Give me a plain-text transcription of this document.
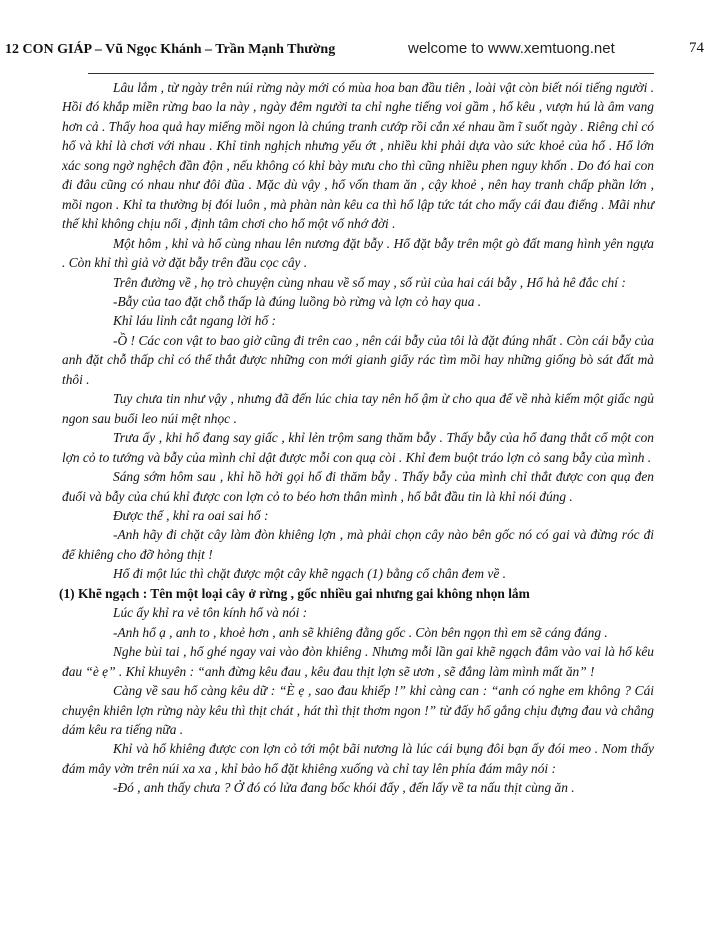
12 CON GIÁP – Vũ Ngọc Khánh – Trần Mạnh Thường	welcome to www.xemtuong.net	74

Lâu lắm , từ ngày trên núi rừng này mới có mùa hoa ban đầu tiên , loài vật còn biết nói tiếng người . Hồi đó khắp miền rừng bao la này , ngày đêm người ta chỉ nghe tiếng voi gầm , hổ kêu , vượn hú là âm vang hơn cả . Thấy hoa quả hay miếng mồi ngon là chúng tranh cướp rồi cắn xé nhau ầm ĩ suốt ngày . Riêng chỉ có hổ và khỉ là chơi với nhau . Khỉ tinh nghịch nhưng yếu ớt , nhiều khi phải dựa vào sức khoẻ của hổ . Hổ lớn xác song ngờ nghệch đần độn , nếu không có khỉ bày mưu cho thì cũng nhiều phen nguy khốn . Do đó hai con đi đâu cũng có nhau như đôi đũa . Mặc dù vậy , hổ vốn tham ăn , cậy khoẻ , nên hay tranh chấp phần lớn , mồi ngon . Khỉ ta thường bị đói luôn , mà phàn nàn kêu ca thì hổ lập tức tát cho mấy cái đau điếng . Mãi như thế khỉ không chịu nổi , định tâm chơi cho hổ một vố nhớ đời .

Một hôm , khỉ và hổ cùng nhau lên nương đặt bẫy . Hổ đặt bẫy trên một gò đất mang hình yên ngựa . Còn khỉ thì giả vờ đặt bẫy trên đầu cọc cây .

Trên đường về , họ trò chuyện cùng nhau về số may , số rủi của hai cái bẫy , Hổ hả hê đắc chí :

-Bẫy của tao đặt chỗ thấp là đúng luồng bò rừng và lợn cỏ hay qua .

Khỉ láu lỉnh cắt ngang lời hổ :

-Ồ ! Các con vật to bao giờ cũng đi trên cao , nên cái bẫy của tôi là đặt đúng nhất . Còn cái bẫy của anh đặt chỗ thấp chỉ có thể thắt được những con mới gianh giẩy rác tìm mồi hay những giống bò sát đất mà thôi .

Tuy chưa tin như vậy , nhưng đã đến lúc chia tay nên hổ ậm ừ cho qua để về nhà kiếm một giấc ngủ ngon sau buổi leo núi mệt nhọc .

Trưa ấy , khi hổ đang say giấc , khỉ lẻn trộm sang thăm bẫy . Thấy bẫy của hổ đang thắt cổ một con lợn cỏ to tướng và bẫy của mình chỉ dật được mỗi con quạ còi . Khỉ đem buột tráo lợn cỏ sang bẫy của mình .

Sáng sớm hôm sau , khỉ hồ hởi gọi hổ đi thăm bẫy . Thấy bẫy của mình chỉ thắt được con quạ đen đuổi và bẫy của chú khỉ được con lợn cỏ to béo hơn thân mình , hổ bắt đầu tin là khỉ nói đúng .

Được thể , khỉ ra oai sai hổ :

-Anh hãy đi chặt cây làm đòn khiêng lợn , mà phải chọn cây nào bên gốc nó có gai và đừng róc đi để khiêng cho đỡ hỏng thịt !

Hổ đi một lúc thì chặt được một cây khẽ ngạch (1) bằng cổ chân đem về .

(1) Khẽ ngạch : Tên một loại cây ở rừng , gốc nhiều gai nhưng gai không nhọn lắm

Lúc ấy khỉ ra vẻ tôn kính hổ và nói :

-Anh hổ ạ , anh to , khoẻ hơn , anh sẽ khiêng đằng gốc . Còn bên ngọn thì em sẽ cáng đáng .

Nghe bùi tai , hổ ghé ngay vai vào đòn khiêng . Nhưng mỗi lần gai khẽ ngạch đâm vào vai là hổ kêu đau “è ẹ” . Khỉ khuyên : “anh đừng kêu đau , kêu đau thịt lợn sẽ ươn , sẽ đắng làm mình mất ăn” !

Càng về sau hổ càng kêu dữ : “È ẹ , sao đau khiếp !” khỉ càng can : “anh có nghe em không ? Cái chuyện khiên lợn rừng này kêu thì thịt chát , hát thì thịt thơm ngon !” từ đấy hổ gắng chịu đựng đau và chẳng dám kêu ra tiếng nữa .

Khỉ và hổ khiêng được con lợn cỏ tới một bãi nương là lúc cái bụng đôi bạn ấy đói meo . Nom thấy đám mây vờn trên núi xa xa , khỉ bảo hổ đặt khiêng xuống và chỉ tay lên phía đám mây nói :

-Đó , anh thấy chưa ? Ở đó có lửa đang bốc khói đấy , đến lấy về ta nấu thịt cùng ăn .
